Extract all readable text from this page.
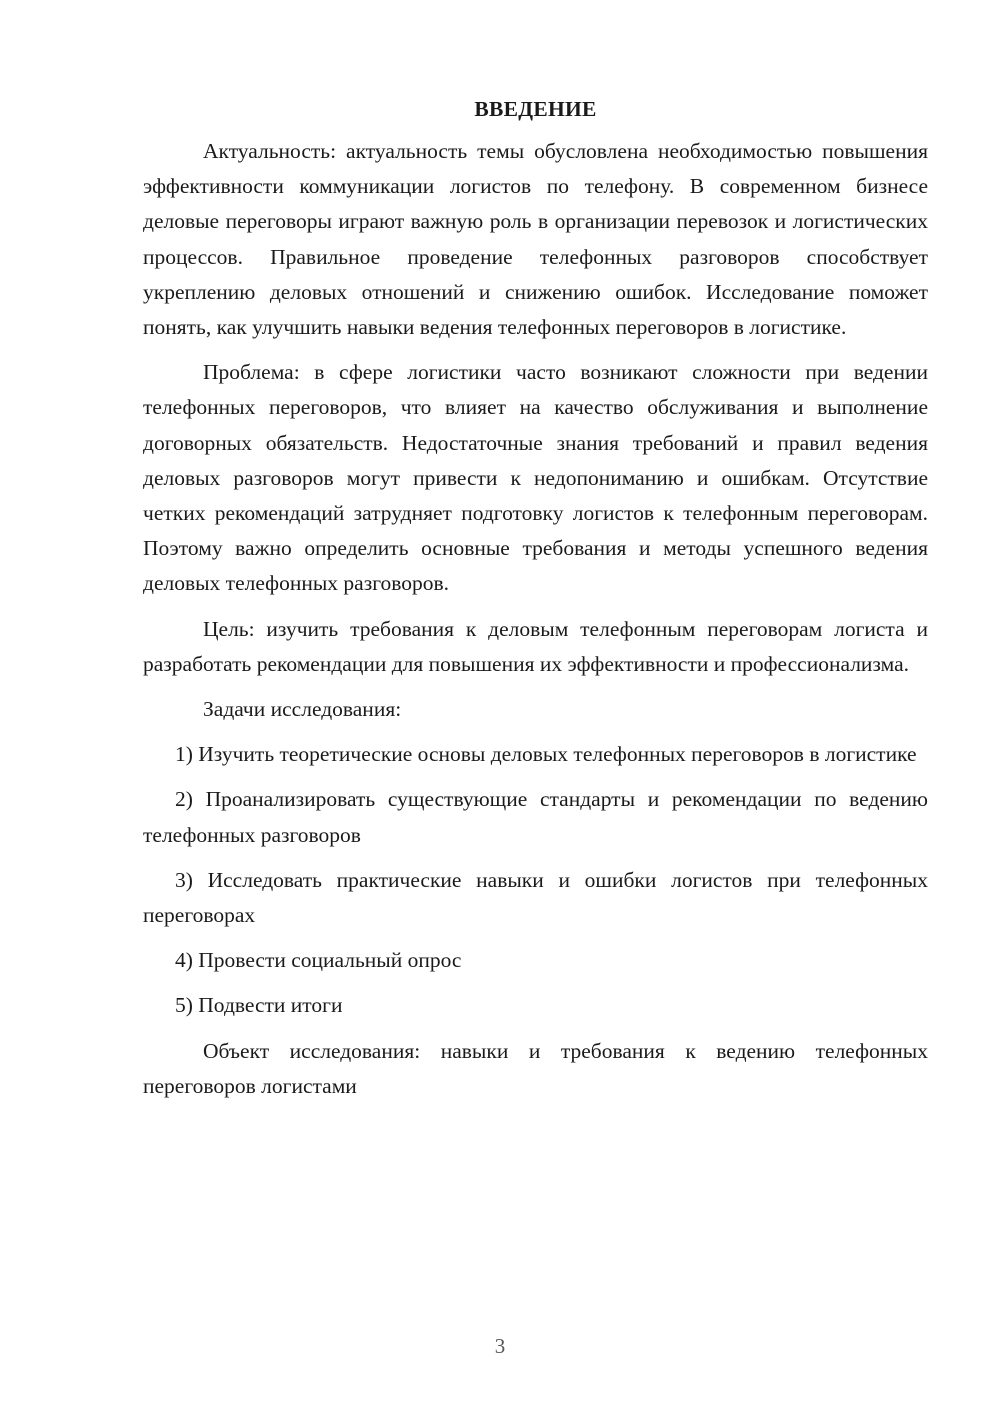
ВВЕДЕНИЕ

Актуальность: актуальность темы обусловлена необходимостью повышения эффективности коммуникации логистов по телефону. В современном бизнесе деловые переговоры играют важную роль в организации перевозок и логистических процессов. Правильное проведение телефонных разговоров способствует укреплению деловых отношений и снижению ошибок. Исследование поможет понять, как улучшить навыки ведения телефонных переговоров в логистике.

Проблема: в сфере логистики часто возникают сложности при ведении телефонных переговоров, что влияет на качество обслуживания и выполнение договорных обязательств. Недостаточные знания требований и правил ведения деловых разговоров могут привести к недопониманию и ошибкам. Отсутствие четких рекомендаций затрудняет подготовку логистов к телефонным переговорам. Поэтому важно определить основные требования и методы успешного ведения деловых телефонных разговоров.

Цель: изучить требования к деловым телефонным переговорам логиста и разработать рекомендации для повышения их эффективности и профессионализма.

Задачи исследования:

1) Изучить теоретические основы деловых телефонных переговоров в логистике

2) Проанализировать существующие стандарты и рекомендации по ведению телефонных разговоров

3) Исследовать практические навыки и ошибки логистов при телефонных переговорах

4) Провести социальный опрос

5) Подвести итоги

Объект исследования: навыки и требования к ведению телефонных переговоров логистами

3
